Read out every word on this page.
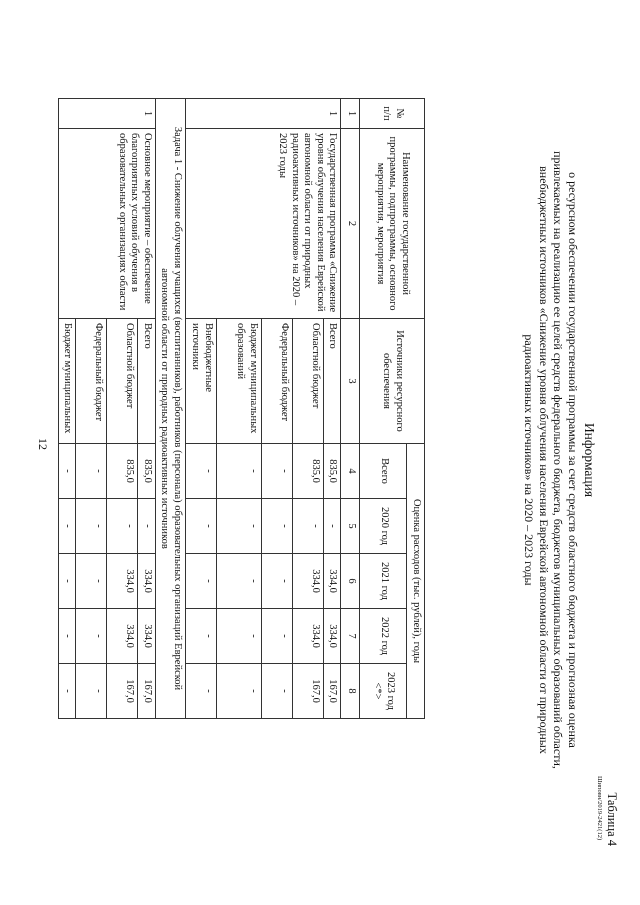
12
Шиповн/2019-2421(12) Таблица 4
Информация
о ресурсном обеспечении государственной программы за счет средств областного бюджета и прогнозная оценка
привлекаемых на реализацию ее целей средств федерального бюджета, бюджетов муниципальных образований области,
внебюджетных источников «Снижение уровня облучения населения Еврейской автономной области от природных
радиоактивных источников» на 2020 – 2023 годы
№ п/п	Наименование государственной программы, подпрограммы, основного мероприятия, мероприятия	Источники ресурсного обеспечения	Оценка расходов (тыс. рублей), годы				
			Всего	2020 год	2021 год	2022 год	2023 год <*>
1	2	3	4	5	6	7	8
1	Государственная программа «Снижение уровня облучения населения Еврейской автономной области от природных радиоактивных источников» на 2020 – 2023 годы	Всего	835,0	-	334,0	334,0	167,0
		Областной бюджет	835,0	-	334,0	334,0	167,0
		Федеральный бюджет	-	-	-	-	-
		Бюджет муниципальных образований	-	-	-	-	-
		Внебюджетные источники	-	-	-	-	-
Задача 1 - Снижение облучения учащихся (воспитанников), работников (персонала) образовательных организаций Еврейской автономной области от природных радиоактивных источников							
1	Основное мероприятие – обеспечение благоприятных условий обучения в образовательных организациях области	Всего	835,0	-	334,0	334,0	167,0
		Областной бюджет	835,0	-	334,0	334,0	167,0
		Федеральный бюджет	-	-	-	-	-
		Бюджет муниципальных	-	-	-	-	-
